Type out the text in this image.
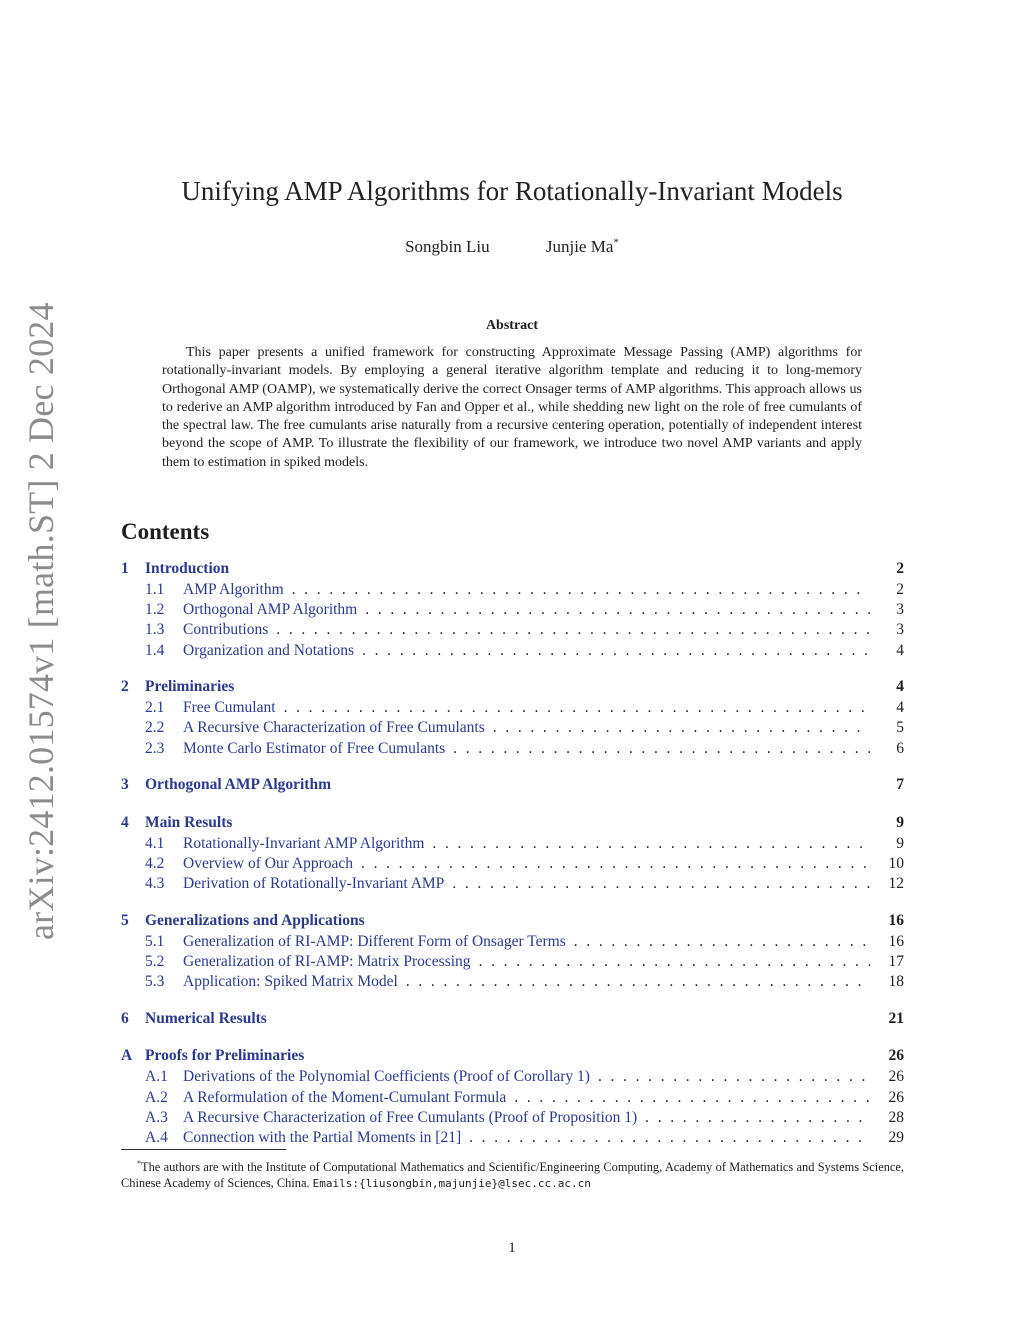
arXiv:2412.01574v1 [math.ST] 2 Dec 2024
Unifying AMP Algorithms for Rotationally-Invariant Models
Songbin Liu	Junjie Ma*
Abstract

This paper presents a unified framework for constructing Approximate Message Passing (AMP) algorithms for rotationally-invariant models. By employing a general iterative algorithm template and reducing it to long-memory Orthogonal AMP (OAMP), we systematically derive the correct Onsager terms of AMP algorithms. This approach allows us to rederive an AMP algorithm introduced by Fan and Opper et al., while shedding new light on the role of free cumulants of the spectral law. The free cumulants arise naturally from a recursive centering operation, potentially of independent interest beyond the scope of AMP. To illustrate the flexibility of our framework, we introduce two novel AMP variants and apply them to estimation in spiked models.

Contents
1	Introduction	2
1.1	AMP Algorithm . . .	2
1.2	Orthogonal AMP Algorithm . . .	3
1.3	Contributions . . .	3
1.4	Organization and Notations . . .	4
2	Preliminaries	4
2.1	Free Cumulant . . .	4
2.2	A Recursive Characterization of Free Cumulants . . .	5
2.3	Monte Carlo Estimator of Free Cumulants . . .	6
3	Orthogonal AMP Algorithm	7
4	Main Results	9
4.1	Rotationally-Invariant AMP Algorithm . . .	9
4.2	Overview of Our Approach . . .	10
4.3	Derivation of Rotationally-Invariant AMP . . .	12
5	Generalizations and Applications	16
5.1	Generalization of RI-AMP: Different Form of Onsager Terms . . .	16
5.2	Generalization of RI-AMP: Matrix Processing . . .	17
5.3	Application: Spiked Matrix Model . . .	18
6	Numerical Results	21
A Proofs for Preliminaries	26
A.1 Derivations of the Polynomial Coefficients (Proof of Corollary 1) . . .	26
A.2 A Reformulation of the Moment-Cumulant Formula . . .	26
A.3 A Recursive Characterization of Free Cumulants (Proof of Proposition 1) . . .	28
A.4 Connection with the Partial Moments in [21] . . .	29

*The authors are with the Institute of Computational Mathematics and Scientific/Engineering Computing, Academy of Mathematics and Systems Science, Chinese Academy of Sciences, China. Emails:{liusongbin,majunjie}@lsec.cc.ac.cn

1
